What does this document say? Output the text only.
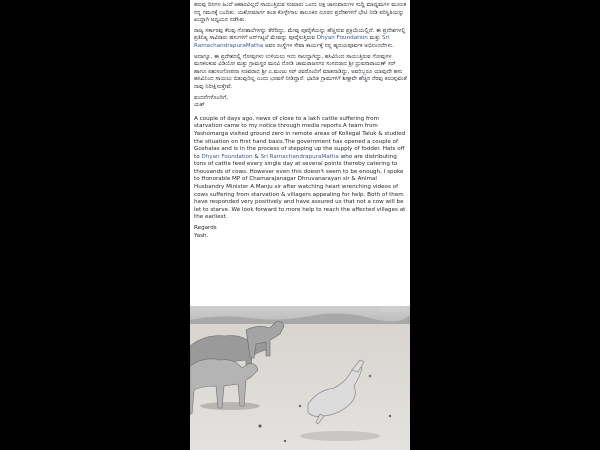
ಹಲವು ದಿನಗಳ ಹಿಂದೆ ಆಹಾರವಿಲ್ಲದೆ ಸಾಯುತ್ತಿರುವ ಸುಮಾರು ಒಂದು ಲಕ್ಷ ಜಾನುವಾರುಗಳ ಸುದ್ದಿ ಮಾಧ್ಯಮಗಳ ಮೂಲಕ ನನ್ನ ಗಮನಕ್ಕೆ ಬಂದಿತು. ಯಶೋಮಾರ್ಗ ತಂಡ ಕೊಳ್ಳೇಗಾಲ ತಾಲೂಕಿನ ದೂರದ ಪ್ರದೇಶಗಳಿಗೆ ಭೇಟಿ ನೀಡಿ ಪರಿಸ್ಥಿತಿಯನ್ನು ಖುದ್ದಾಗಿ ಅಧ್ಯಯನ ನಡೆಸಿತು.

ರಾಜ್ಯ ಸರ್ಕಾರವು ಕೆಲವು ಗೋಶಾಲೆಗಳನ್ನು ತೆರೆದಿದ್ದು, ಮೇವು ಪೂರೈಕೆಯನ್ನು ಹೆಚ್ಚಿಸುವ ಪ್ರಕ್ರಿಯೆಯಲ್ಲಿದೆ. ಈ ಪ್ರದೇಶಗಳಲ್ಲಿ ಪ್ರತಿನಿತ್ಯ ಸಾವಿರಾರು ಹಸುಗಳಿಗೆ ಟನ್‌ಗಟ್ಟಲೆ ಮೇವನ್ನು ಪೂರೈಸುತ್ತಿರುವ Dhyan Foundation ಮತ್ತು Sri RamachandrapuraMatha ಅವರ ಸಂಸ್ಥೆಗಳ ಸೇವಾ ಕಾರ್ಯಕ್ಕೆ ನನ್ನ ಹೃದಯಪೂರ್ವಕ ಅಭಿನಂದನೆಗಳು.

ಅದಾಗ್ಯೂ, ಈ ಪ್ರದೇಶದಲ್ಲಿ ಗೋವುಗಳು ಉಳಿಯಲು ಇದು ಸಾಲದ್ದಾಗಿದ್ದು, ಹಸಿವಿನಿಂದ ಸಾಯುತ್ತಿರುವ ಗೋವುಗಳ ಮನಕಲಕುವ ವಿಡಿಯೋ ಮತ್ತು ಗ್ರಾಮಸ್ಥರ ಮನವಿ ನೋಡಿ ಚಾಮರಾಜನಗರ ಸಂಸದರಾದ ಶ್ರೀ ಧ್ರುವನಾರಾಯಣ್ ಸರ್ ಹಾಗೂ ಪಶುಸಂಗೋಪನಾ ಸಚಿವರಾದ ಶ್ರೀ ಎ.ಮಂಜು ಸರ್ ರವರೊಂದಿಗೆ ಮಾತನಾಡಿದ್ದು, ಅವರಿಬ್ಬರೂ ಯಾವುದೇ ಹಸು ಹಸಿವಿನಿಂದ ಸಾಯಲು ಬಿಡುವುದಿಲ್ಲ ಎಂದು ಭರವಸೆ ನೀಡಿದ್ದಾರೆ. ಭಾದಿತ ಗ್ರಾಮಗಳಿಗೆ ಶೀಘ್ರವೇ ಹೆಚ್ಚಿನ ನೆರವು ತಲುಪುವಂತೆ ನಾವು ನಿರೀಕ್ಷಿಸುತ್ತೇವೆ.

ವಂದನೆಗಳೊಂದಿಗೆ,

ಯಶ್

A couple of days ago, news of close to a lakh cattle suffering from starvation came to my notice through media reports.A team from Yashomarga visited ground zero in remote areas of Kollegal Taluk & studied the situation on first hand basis.The government has opened a couple of Goshalas and is in the process of stepping up the supply of fodder. Hats off to Dhyan Foundation & Sri RamachandrapuraMatha who are distributing tons of cattle feed every single day at several points thereby catering to thousands of cows. However even this doesn't seem to be enough, I spoke to Honorable MP of Chamarajanagar Dhruvanarayan sir & Animal Husbandry Minister A.Manju sir after watching heart wrenching videos of cows suffering from starvation & villagers appealing for help. Both of them have responded very positively and have assured us that not a cow will be let to starve. We look forward to more help to reach the affected villages at the earliest.

Regards

Yash.

Kannada.FS
